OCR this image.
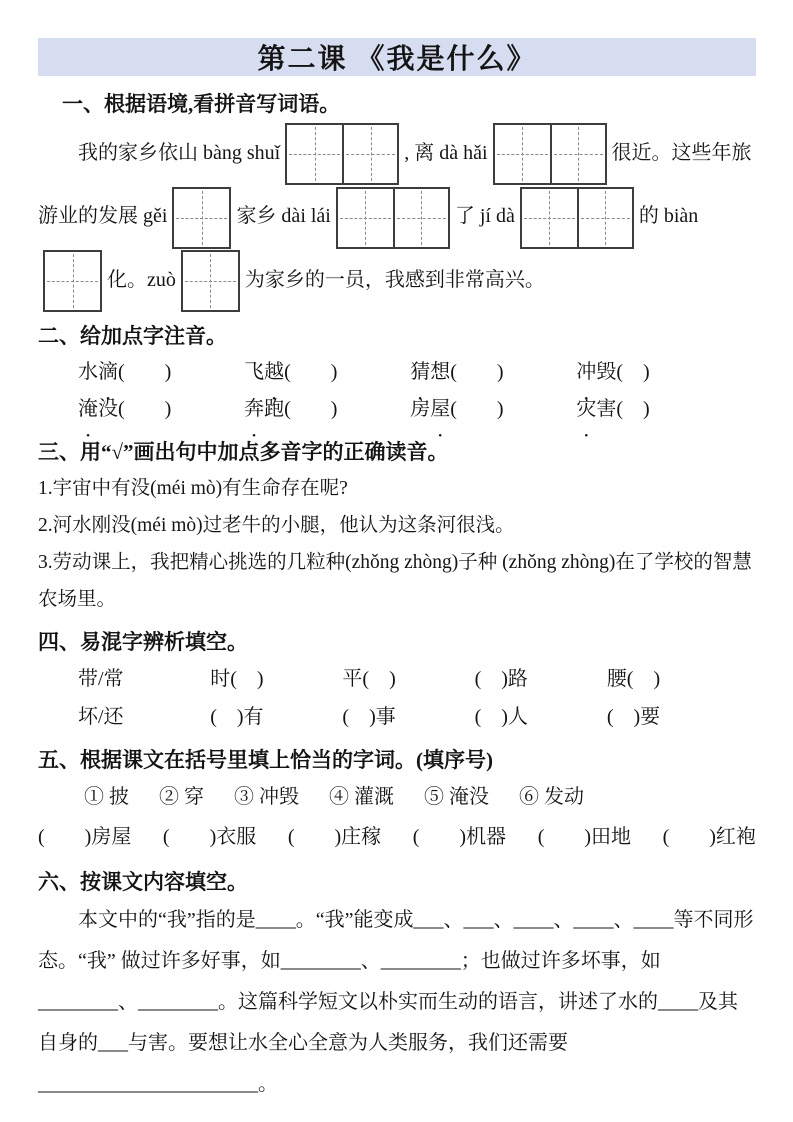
第二课 《我是什么》
一、根据语境,看拼音写词语。

我的家乡依山 bàng shuǐ	, 离 dà hǎi	很近。这些年旅游业的发展 gěi	家乡 dài lái	了 jí dà	的 biàn
化。zuò	为家乡的一员，我感到非常高兴。

二、给加点字注音。
水滴(　　)	飞越(　　)	猜想(　　)	冲毁(　)
淹没(　　)	奔跑(　　)	房屋(　　)	灾害(　)
三、用“√”画出句中加点多音字的正确读音。

1.宇宙中有没(méi mò)有生命存在呢?

2.河水刚没(méi mò)过老牛的小腿，他认为这条河很浅。

3.劳动课上，我把精心挑选的几粒种(zhǒng zhòng)子种 (zhǒng zhòng)在了学校的智慧农场里。

四、易混字辨析填空。
带/常	时(　)	平(　)	(　)路	腰(　)
坏/还	(　)有	(　)事	(　)人	(　)要
五、根据课文在括号里填上恰当的字词。(填序号)
① 披 ② 穿 ③ 冲毁 ④ 灌溉 ⑤ 淹没 ⑥ 发动
(　　)房屋 (　　)衣服 (　　)庄稼 (　　)机器 (　　)田地 (　　)红袍
六、按课文内容填空。

本文中的“我”指的是____。“我”能变成___、___、____、____、____等不同形态。“我” 做过许多好事，如________、________；也做过许多坏事，如________、________。这篇科学短文以朴实而生动的语言，讲述了水的____及其自身的___与害。要想让水全心全意为人类服务，我们还需要______________________。
